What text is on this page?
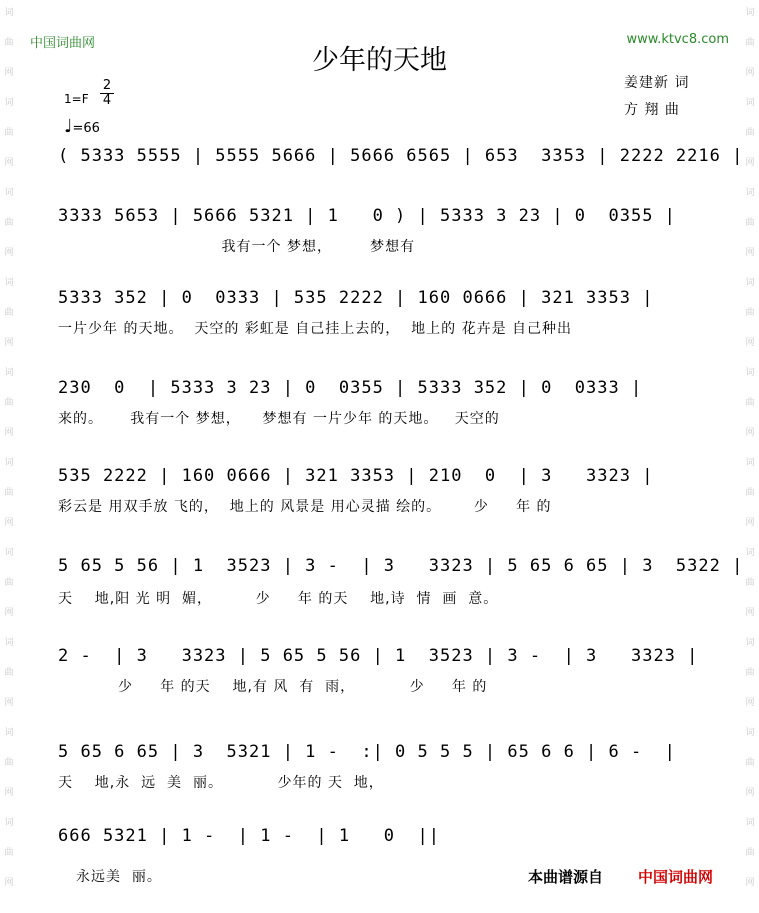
词
曲
网
词
曲
网
词
曲
网
词
曲
网
词
曲
网
词
曲
网
词
曲
网
词
曲
网
词
曲
网
词
曲
网
词
曲
网
词
曲
网
词
曲
网
词
曲
网
词
曲
网
词
曲
网
词
曲
网
词
曲
网
词
曲
网
词
曲
网
中国词曲网	www.ktvc8.com
少年的天地
姜建新 词
方 翔 曲
1=F
2
4
♩=66
( 5333 5555 | 5555 5666 | 5666 6565 | 653  3353 | 2222 2216 |
3333 5653 | 5666 5321 | 1   0 ) | 5333 3 23 | 0  0355 |
我有一个 梦想，       梦想有
5333 352 | 0  0333 | 535 2222 | 160 0666 | 321 3353 |
一片少年 的天地。  天空的 彩虹是 自己挂上去的，  地上的 花卉是 自己种出
230  0  | 5333 3 23 | 0  0355 | 5333 352 | 0  0333 |
来的。     我有一个 梦想，    梦想有 一片少年 的天地。   天空的
535 2222 | 160 0666 | 321 3353 | 210  0  | 3   3323 |
彩云是 用双手放 飞的，  地上的 风景是 用心灵描 绘的。      少     年 的
5 65 5 56 | 1  3523 | 3 -  | 3   3323 | 5 65 6 65 | 3  5322 |
天    地,阳 光 明  媚，        少     年 的天    地,诗  情  画  意。
2 -  | 3   3323 | 5 65 5 56 | 1  3523 | 3 -  | 3   3323 |
少     年 的天    地,有 风  有  雨，          少     年 的
5 65 6 65 | 3  5321 | 1 -  :| 0 5 5 5 | 65 6 6 | 6 -  |
天    地,永  远  美  丽。          少年的 天  地，
666 5321 | 1 -  | 1 -  | 1   0  ||
永远美  丽。	本曲谱源自 中国词曲网
